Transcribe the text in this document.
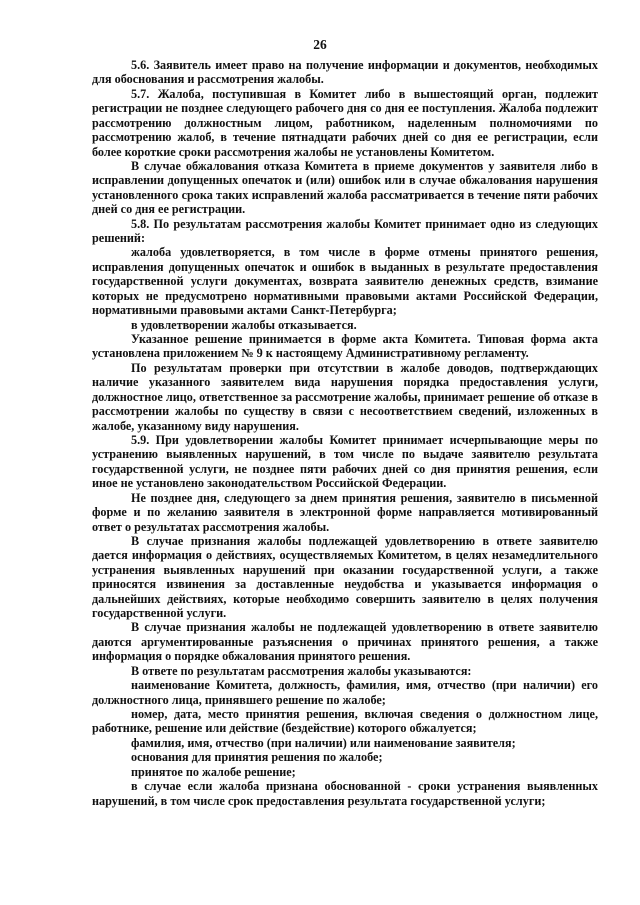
26

5.6. Заявитель имеет право на получение информации и документов, необходимых для обоснования и рассмотрения жалобы.

5.7. Жалоба, поступившая в Комитет либо в вышестоящий орган, подлежит регистрации не позднее следующего рабочего дня со дня ее поступления. Жалоба подлежит рассмотрению должностным лицом, работником, наделенным полномочиями по рассмотрению жалоб, в течение пятнадцати рабочих дней со дня ее регистрации, если более короткие сроки рассмотрения жалобы не установлены Комитетом.

В случае обжалования отказа Комитета в приеме документов у заявителя либо в исправлении допущенных опечаток и (или) ошибок или в случае обжалования нарушения установленного срока таких исправлений жалоба рассматривается в течение пяти рабочих дней со дня ее регистрации.

5.8. По результатам рассмотрения жалобы Комитет принимает одно из следующих решений:

жалоба удовлетворяется, в том числе в форме отмены принятого решения, исправления допущенных опечаток и ошибок в выданных в результате предоставления государственной услуги документах, возврата заявителю денежных средств, взимание которых не предусмотрено нормативными правовыми актами Российской Федерации, нормативными правовыми актами Санкт-Петербурга;

в удовлетворении жалобы отказывается.

Указанное решение принимается в форме акта Комитета. Типовая форма акта установлена приложением № 9 к настоящему Административному регламенту.

По результатам проверки при отсутствии в жалобе доводов, подтверждающих наличие указанного заявителем вида нарушения порядка предоставления услуги, должностное лицо, ответственное за рассмотрение жалобы, принимает решение об отказе в рассмотрении жалобы по существу в связи с несоответствием сведений, изложенных в жалобе, указанному виду нарушения.

5.9. При удовлетворении жалобы Комитет принимает исчерпывающие меры по устранению выявленных нарушений, в том числе по выдаче заявителю результата государственной услуги, не позднее пяти рабочих дней со дня принятия решения, если иное не установлено законодательством Российской Федерации.

Не позднее дня, следующего за днем принятия решения, заявителю в письменной форме и по желанию заявителя в электронной форме направляется мотивированный ответ о результатах рассмотрения жалобы.

В случае признания жалобы подлежащей удовлетворению в ответе заявителю дается информация о действиях, осуществляемых Комитетом, в целях незамедлительного устранения выявленных нарушений при оказании государственной услуги, а также приносятся извинения за доставленные неудобства и указывается информация о дальнейших действиях, которые необходимо совершить заявителю в целях получения государственной услуги.

В случае признания жалобы не подлежащей удовлетворению в ответе заявителю даются аргументированные разъяснения о причинах принятого решения, а также информация о порядке обжалования принятого решения.

В ответе по результатам рассмотрения жалобы указываются:

наименование Комитета, должность, фамилия, имя, отчество (при наличии) его должностного лица, принявшего решение по жалобе;

номер, дата, место принятия решения, включая сведения о должностном лице, работнике, решение или действие (бездействие) которого обжалуется;

фамилия, имя, отчество (при наличии) или наименование заявителя;

основания для принятия решения по жалобе;

принятое по жалобе решение;

в случае если жалоба признана обоснованной - сроки устранения выявленных нарушений, в том числе срок предоставления результата государственной услуги;
